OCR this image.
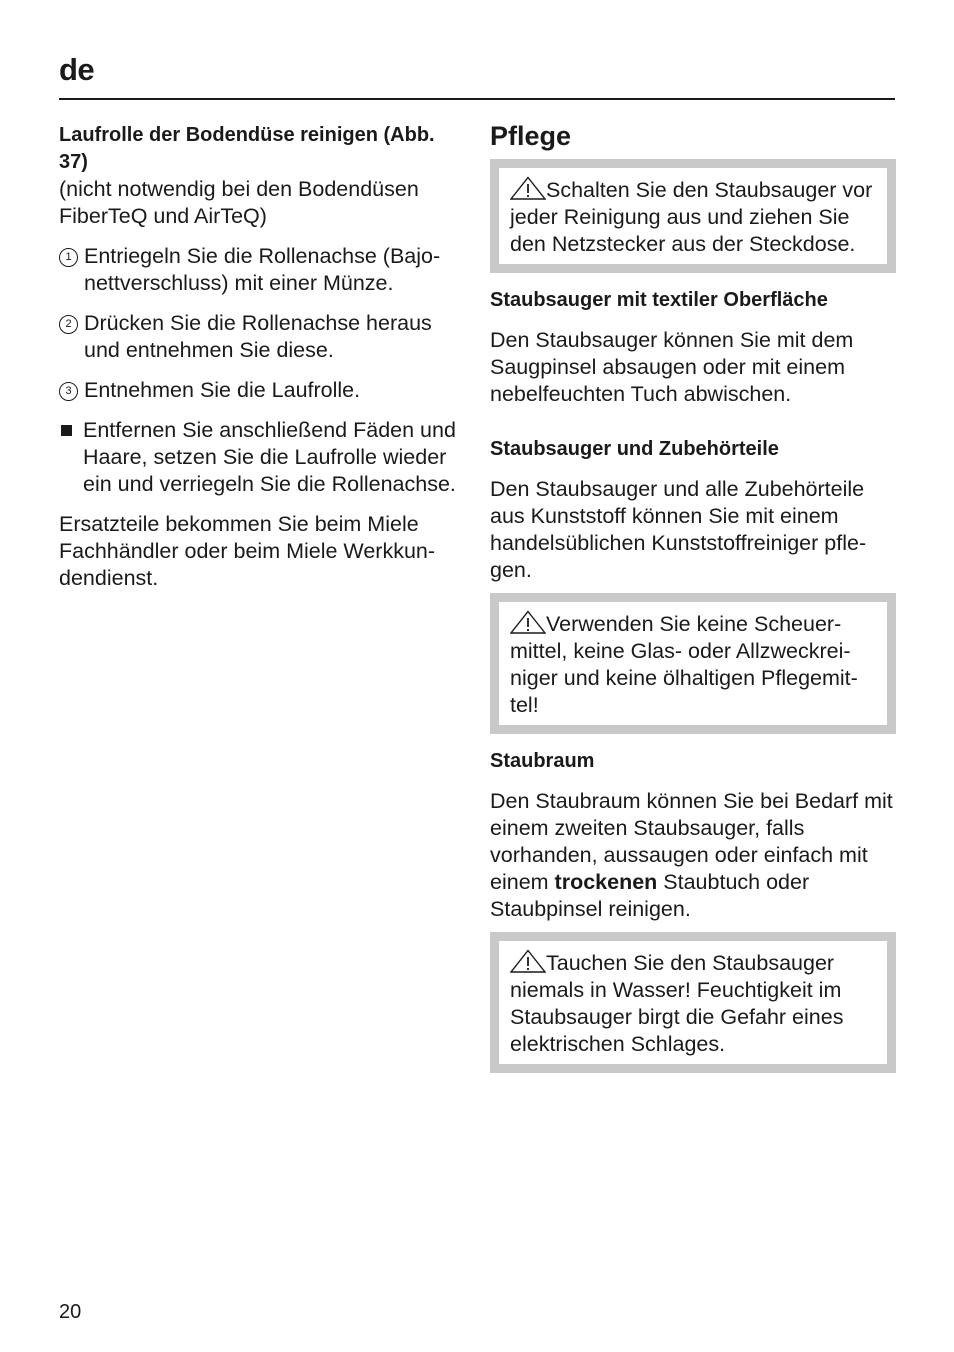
de
Laufrolle der Bodendüse reinigen (Abb. 37)

(nicht notwendig bei den Bodendüsen FiberTeQ und AirTeQ)

1 Entriegeln Sie die Rollenachse (Bajonettverschluss) mit einer Münze.
2 Drücken Sie die Rollenachse heraus und entnehmen Sie diese.
3 Entnehmen Sie die Laufrolle.
Entfernen Sie anschließend Fäden und Haare, setzen Sie die Laufrolle wieder ein und verriegeln Sie die Rollenachse.

Ersatzteile bekommen Sie beim Miele Fachhändler oder beim Miele Werkkundendienst.

Pflege
Schalten Sie den Staubsauger vor jeder Reinigung aus und ziehen Sie den Netzstecker aus der Steckdose.
Staubsauger mit textiler Oberfläche

Den Staubsauger können Sie mit dem Saugpinsel absaugen oder mit einem nebelfeuchten Tuch abwischen.

Staubsauger und Zubehörteile

Den Staubsauger und alle Zubehörteile aus Kunststoff können Sie mit einem handelsüblichen Kunststoffreiniger pflegen.

Verwenden Sie keine Scheuermittel, keine Glas- oder Allzweckreiniger und keine ölhaltigen Pflegemittel!
Staubraum

Den Staubraum können Sie bei Bedarf mit einem zweiten Staubsauger, falls vorhanden, aussaugen oder einfach mit einem trockenen Staubtuch oder Staubpinsel reinigen.

Tauchen Sie den Staubsauger niemals in Wasser! Feuchtigkeit im Staubsauger birgt die Gefahr eines elektrischen Schlages.
20
